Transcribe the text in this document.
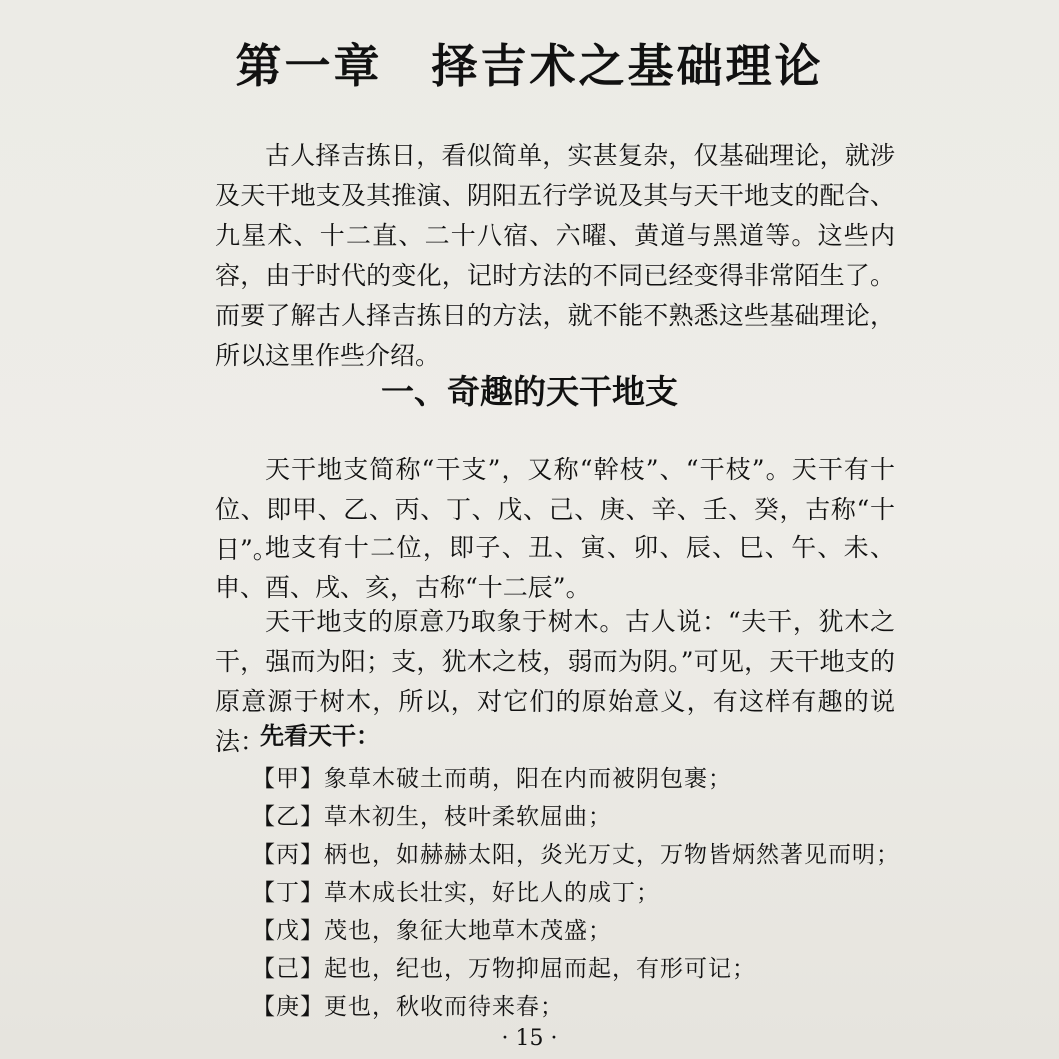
第一章　择吉术之基础理论

古人择吉拣日，看似简单，实甚复杂，仅基础理论，就涉及天干地支及其推演、阴阳五行学说及其与天干地支的配合、九星术、十二直、二十八宿、六曜、黄道与黑道等。这些内容，由于时代的变化，记时方法的不同已经变得非常陌生了。而要了解古人择吉拣日的方法，就不能不熟悉这些基础理论，所以这里作些介绍。

一、奇趣的天干地支

天干地支简称“干支”，又称“幹枝”、“干枝”。天干有十位、即甲、乙、丙、丁、戊、己、庚、辛、壬、癸，古称“十日”。

地支有十二位，即子、丑、寅、卯、辰、巳、午、未、申、酉、戌、亥，古称“十二辰”。

天干地支的原意乃取象于树木。古人说：“夫干，犹木之干，强而为阳；支，犹木之枝，弱而为阴。”可见，天干地支的原意源于树木，所以，对它们的原始意义，有这样有趣的说法：

先看天干：

【甲】象草木破土而萌，阳在内而被阴包裹；
【乙】草木初生，枝叶柔软屈曲；
【丙】柄也，如赫赫太阳，炎光万丈，万物皆炳然著见而明；
【丁】草木成长壮实，好比人的成丁；
【戊】茂也，象征大地草木茂盛；
【己】起也，纪也，万物抑屈而起，有形可记；
【庚】更也，秋收而待来春；
· 15 ·
